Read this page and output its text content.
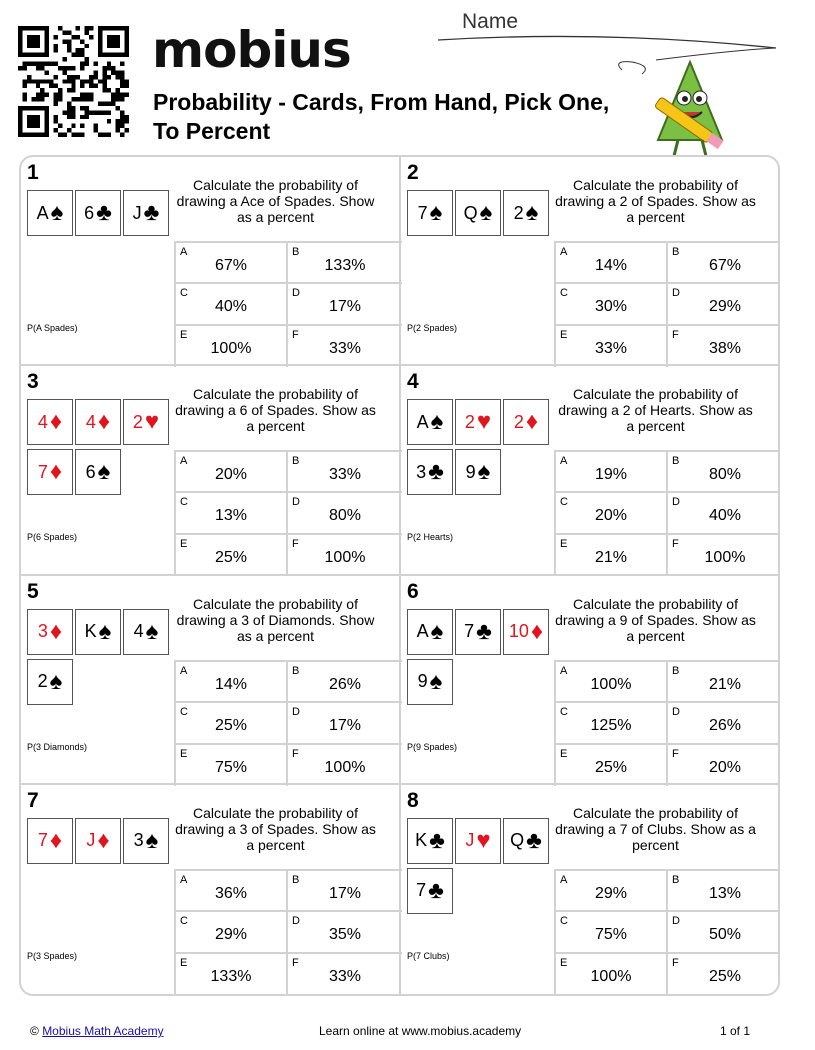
mobius
Probability - Cards, From Hand, Pick One, To Percent
Name
1
Calculate the probability of drawing a Ace of Spades. Show as a percent
A ♠ 6 ♣ J ♣
P(A Spades)
A
67%
B
133%
C
40%
D
17%
E
100%
F
33%
2
Calculate the probability of drawing a 2 of Spades. Show as a percent
7 ♠ Q ♠ 2 ♠
P(2 Spades)
A
14%
B
67%
C
30%
D
29%
E
33%
F
38%
3
Calculate the probability of drawing a 6 of Spades. Show as a percent
4 ♦ 4 ♦ 2 ♥
7 ♦ 6 ♠
P(6 Spades)
A
20%
B
33%
C
13%
D
80%
E
25%
F
100%
4
Calculate the probability of drawing a 2 of Hearts. Show as a percent
A ♠ 2 ♥ 2 ♦
3 ♣ 9 ♠
P(2 Hearts)
A
19%
B
80%
C
20%
D
40%
E
21%
F
100%
5
Calculate the probability of drawing a 3 of Diamonds. Show as a percent
3 ♦ K ♠ 4 ♠
2 ♠
P(3 Diamonds)
A
14%
B
26%
C
25%
D
17%
E
75%
F
100%
6
Calculate the probability of drawing a 9 of Spades. Show as a percent
A ♠ 7 ♣ 10 ♦
9 ♠
P(9 Spades)
A
100%
B
21%
C
125%
D
26%
E
25%
F
20%
7
Calculate the probability of drawing a 3 of Spades. Show as a percent
7 ♦ J ♦ 3 ♠
P(3 Spades)
A
36%
B
17%
C
29%
D
35%
E
133%
F
33%
8
Calculate the probability of drawing a 7 of Clubs. Show as a percent
K ♣ J ♥ Q ♣
7 ♣
P(7 Clubs)
A
29%
B
13%
C
75%
D
50%
E
100%
F
25%
© Mobius Math Academy	Learn online at www.mobius.academy	1 of 1
